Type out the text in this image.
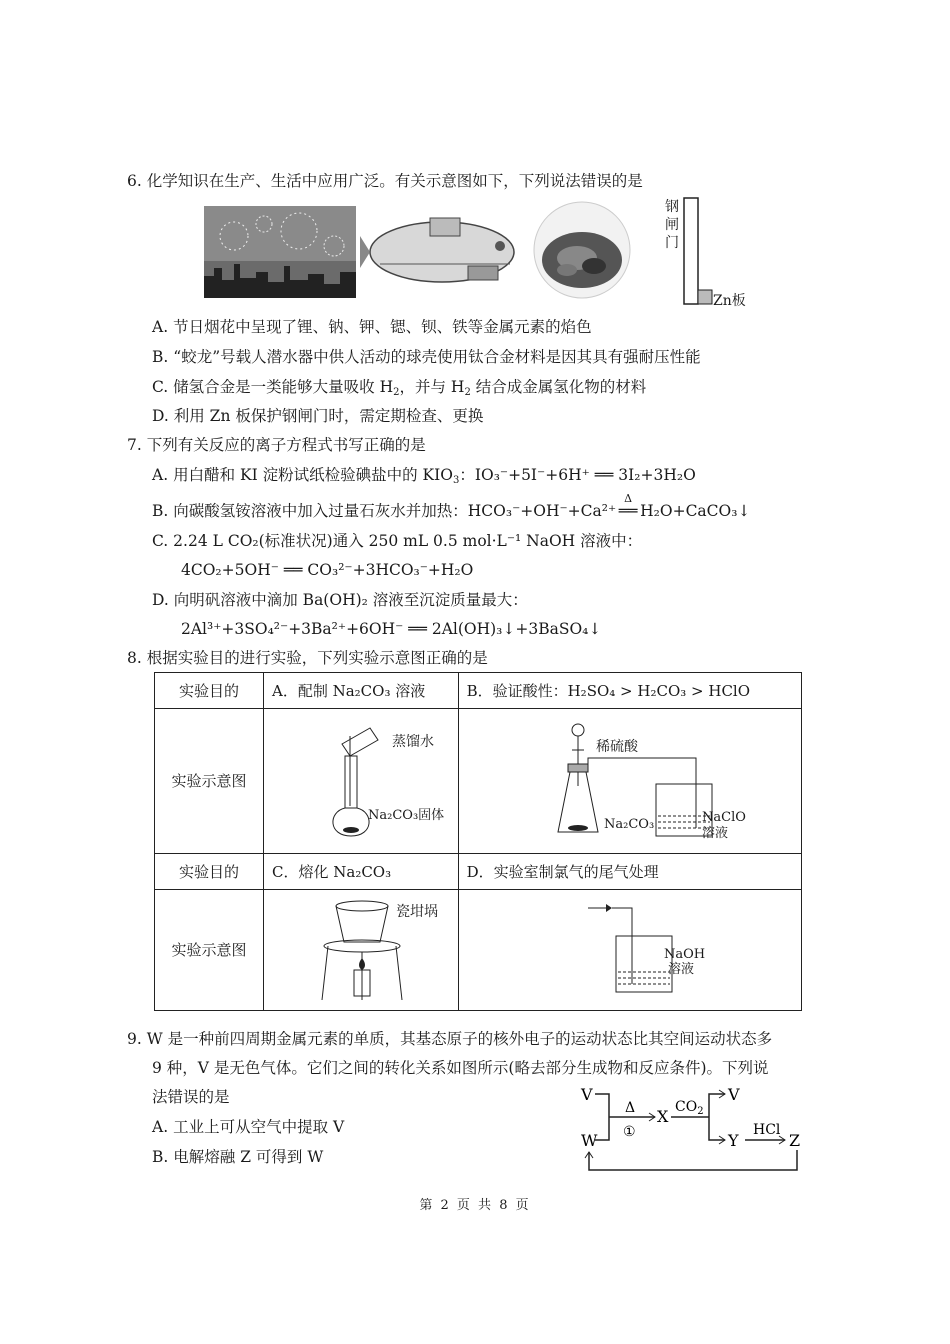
6. 化学知识在生产、生活中应用广泛。有关示意图如下，下列说法错误的是
钢闸门
Zn板
A. 节日烟花中呈现了锂、钠、钾、锶、钡、铁等金属元素的焰色
B. “蛟龙”号载人潜水器中供人活动的球壳使用钛合金材料是因其具有强耐压性能
C. 储氢合金是一类能够大量吸收 $H_2$，并与 $H_2$ 结合成金属氢化物的材料
D. 利用 Zn 板保护钢闸门时，需定期检查、更换
7. 下列有关反应的离子方程式书写正确的是
A. 用白醋和 KI 淀粉试纸检验碘盐中的 $KIO_3$：IO₃⁻+5I⁻+6H⁺ ══ 3I₂+3H₂O
B. 向碳酸氢铵溶液中加入过量石灰水并加热：HCO₃⁻+OH⁻+Ca²⁺
Δ
══ H₂O+CaCO₃↓
C. 2.24 L CO₂(标准状况)通入 250 mL 0.5 mol·L⁻¹ NaOH 溶液中：
4CO₂+5OH⁻ ══ CO₃²⁻+3HCO₃⁻+H₂O
D. 向明矾溶液中滴加 Ba(OH)₂ 溶液至沉淀质量最大：
2Al³⁺+3SO₄²⁻+3Ba²⁺+6OH⁻ ══ 2Al(OH)₃↓+3BaSO₄↓
8. 根据实验目的进行实验，下列实验示意图正确的是
实验目的	A．配制 Na₂CO₃ 溶液	B．验证酸性：H₂SO₄ > H₂CO₃ > HClO
实验示意图		
实验目的	C．熔化 Na₂CO₃	D．实验室制氯气的尾气处理
实验示意图		
蒸馏水
Na₂CO₃固体
稀硫酸
Na₂CO₃	NaClO
溶液
瓷坩埚
NaOH
溶液
9. W 是一种前四周期金属元素的单质，其基态原子的核外电子的运动状态比其空间运动状态多
9 种，V 是无色气体。它们之间的转化关系如图所示(略去部分生成物和反应条件)。下列说
法错误的是
A. 工业上可从空气中提取 V
B. 电解熔融 Z 可得到 W
V
W
Δ
①
X $CO_2$
V
Y
HCl
Z
第 2 页 共 8 页
